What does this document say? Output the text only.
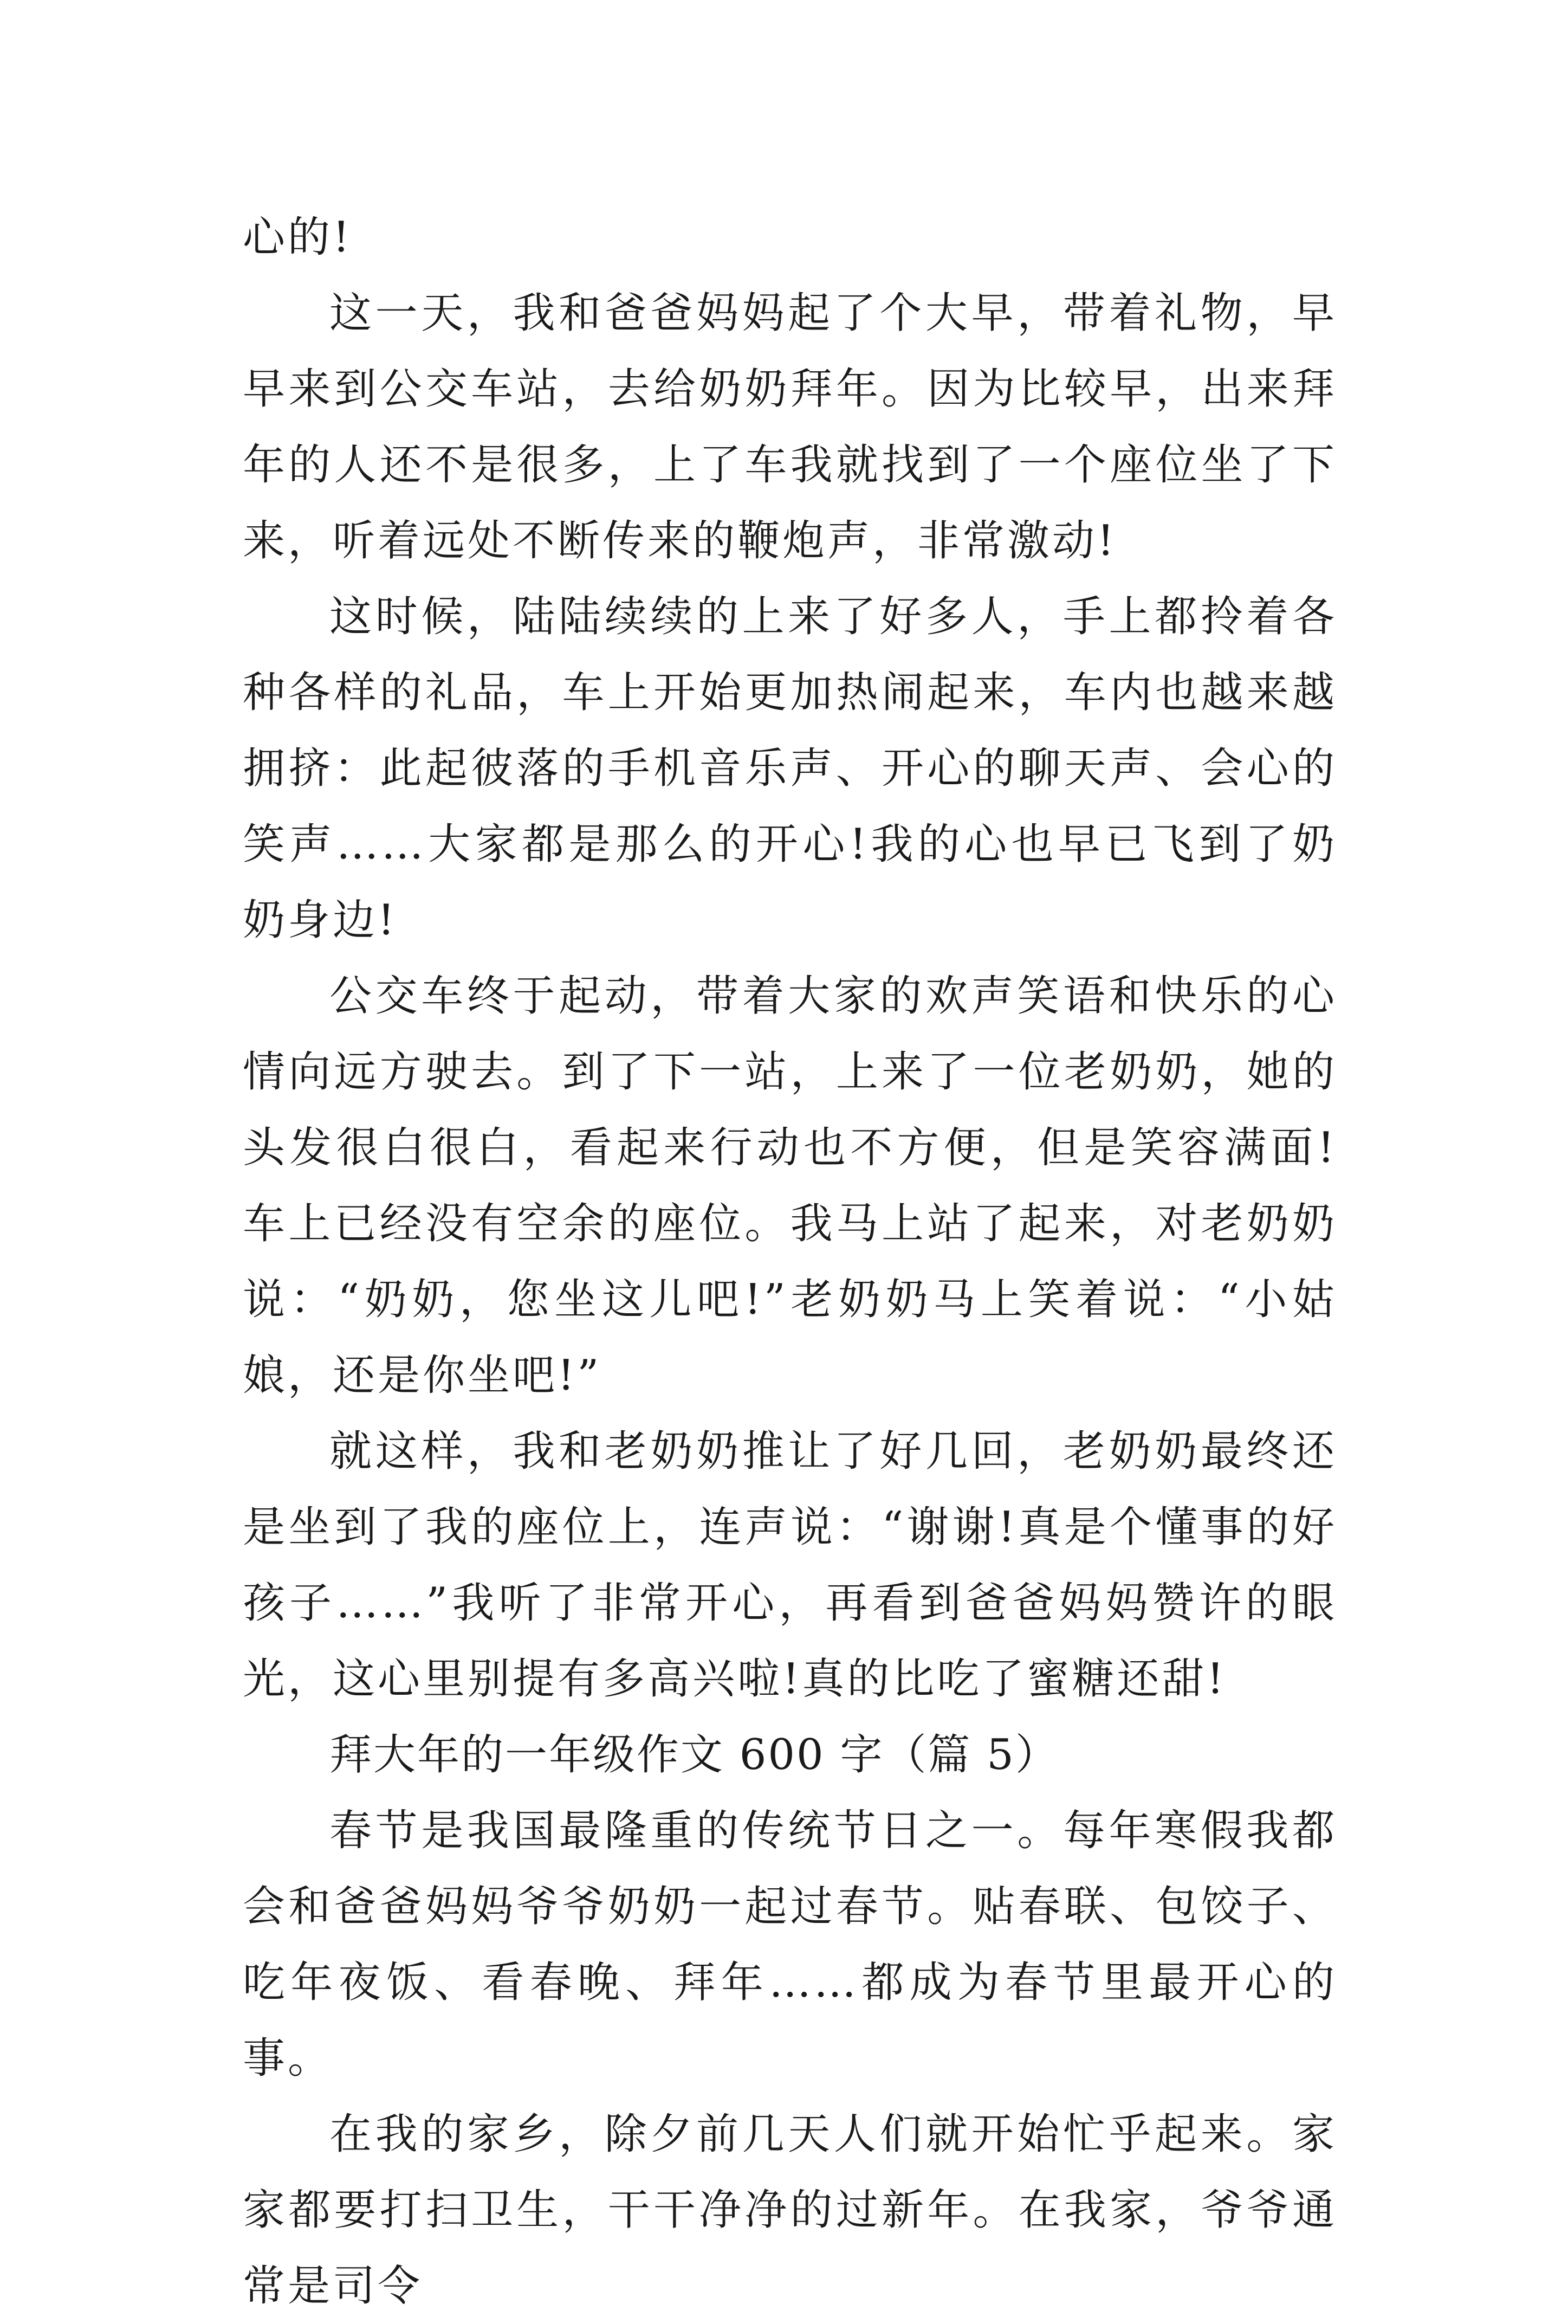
心的!

这一天，我和爸爸妈妈起了个大早，带着礼物，早早来到公交车站，去给奶奶拜年。因为比较早，出来拜年的人还不是很多，上了车我就找到了一个座位坐了下来，听着远处不断传来的鞭炮声，非常激动!

这时候，陆陆续续的上来了好多人，手上都拎着各种各样的礼品，车上开始更加热闹起来，车内也越来越拥挤：此起彼落的手机音乐声、开心的聊天声、会心的笑声……大家都是那么的开心!我的心也早已飞到了奶奶身边!

公交车终于起动，带着大家的欢声笑语和快乐的心情向远方驶去。到了下一站，上来了一位老奶奶，她的头发很白很白，看起来行动也不方便，但是笑容满面!车上已经没有空余的座位。我马上站了起来，对老奶奶说：“奶奶，您坐这儿吧!”老奶奶马上笑着说：“小姑娘，还是你坐吧!”

就这样，我和老奶奶推让了好几回，老奶奶最终还是坐到了我的座位上，连声说：“谢谢!真是个懂事的好孩子……”我听了非常开心，再看到爸爸妈妈赞许的眼光，这心里别提有多高兴啦!真的比吃了蜜糖还甜!

拜大年的一年级作文 600 字（篇 5）

春节是我国最隆重的传统节日之一。每年寒假我都会和爸爸妈妈爷爷奶奶一起过春节。贴春联、包饺子、吃年夜饭、看春晚、拜年……都成为春节里最开心的事。

在我的家乡，除夕前几天人们就开始忙乎起来。家家都要打扫卫生，干干净净的过新年。在我家，爷爷通常是司令
